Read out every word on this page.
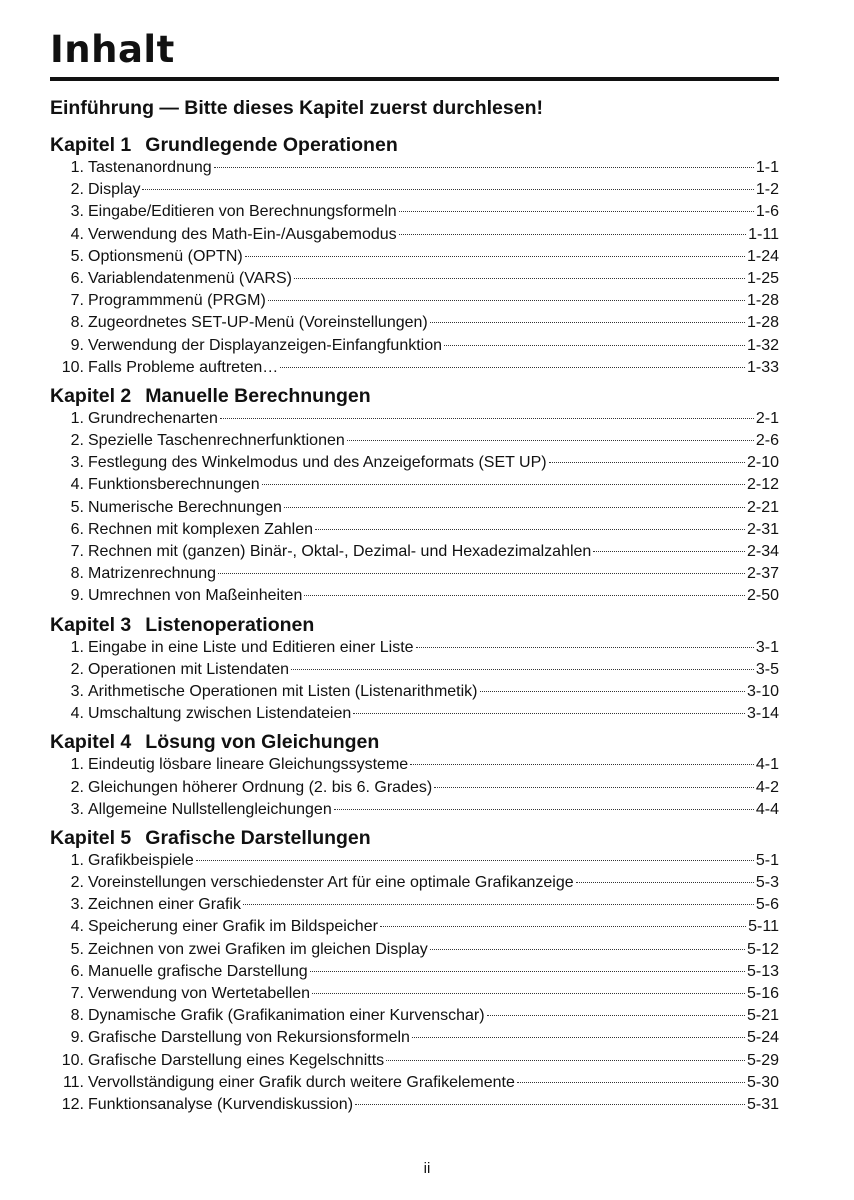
Inhalt
Einführung — Bitte dieses Kapitel zuerst durchlesen!
Kapitel 1 Grundlegende Operationen
1. Tastenanordnung	1-1
2. Display	1-2
3. Eingabe/Editieren von Berechnungsformeln	1-6
4. Verwendung des Math-Ein-/Ausgabemodus	1-11
5. Optionsmenü (OPTN)	1-24
6. Variablendatenmenü (VARS)	1-25
7. Programmmenü (PRGM)	1-28
8. Zugeordnetes SET-UP-Menü (Voreinstellungen)	1-28
9. Verwendung der Displayanzeigen-Einfangfunktion	1-32
10. Falls Probleme auftreten…	1-33
Kapitel 2 Manuelle Berechnungen
1. Grundrechenarten	2-1
2. Spezielle Taschenrechnerfunktionen	2-6
3. Festlegung des Winkelmodus und des Anzeigeformats (SET UP)	2-10
4. Funktionsberechnungen	2-12
5. Numerische Berechnungen	2-21
6. Rechnen mit komplexen Zahlen	2-31
7. Rechnen mit (ganzen) Binär-, Oktal-, Dezimal- und Hexadezimalzahlen	2-34
8. Matrizenrechnung	2-37
9. Umrechnen von Maßeinheiten	2-50
Kapitel 3 Listenoperationen
1. Eingabe in eine Liste und Editieren einer Liste	3-1
2. Operationen mit Listendaten	3-5
3. Arithmetische Operationen mit Listen (Listenarithmetik)	3-10
4. Umschaltung zwischen Listendateien	3-14
Kapitel 4 Lösung von Gleichungen
1. Eindeutig lösbare lineare Gleichungssysteme	4-1
2. Gleichungen höherer Ordnung (2. bis 6. Grades)	4-2
3. Allgemeine Nullstellengleichungen	4-4
Kapitel 5 Grafische Darstellungen
1. Grafikbeispiele	5-1
2. Voreinstellungen verschiedenster Art für eine optimale Grafikanzeige	5-3
3. Zeichnen einer Grafik	5-6
4. Speicherung einer Grafik im Bildspeicher	5-11
5. Zeichnen von zwei Grafiken im gleichen Display	5-12
6. Manuelle grafische Darstellung	5-13
7. Verwendung von Wertetabellen	5-16
8. Dynamische Grafik (Grafikanimation einer Kurvenschar)	5-21
9. Grafische Darstellung von Rekursionsformeln	5-24
10. Grafische Darstellung eines Kegelschnitts	5-29
11. Vervollständigung einer Grafik durch weitere Grafikelemente	5-30
12. Funktionsanalyse (Kurvendiskussion)	5-31
ii
